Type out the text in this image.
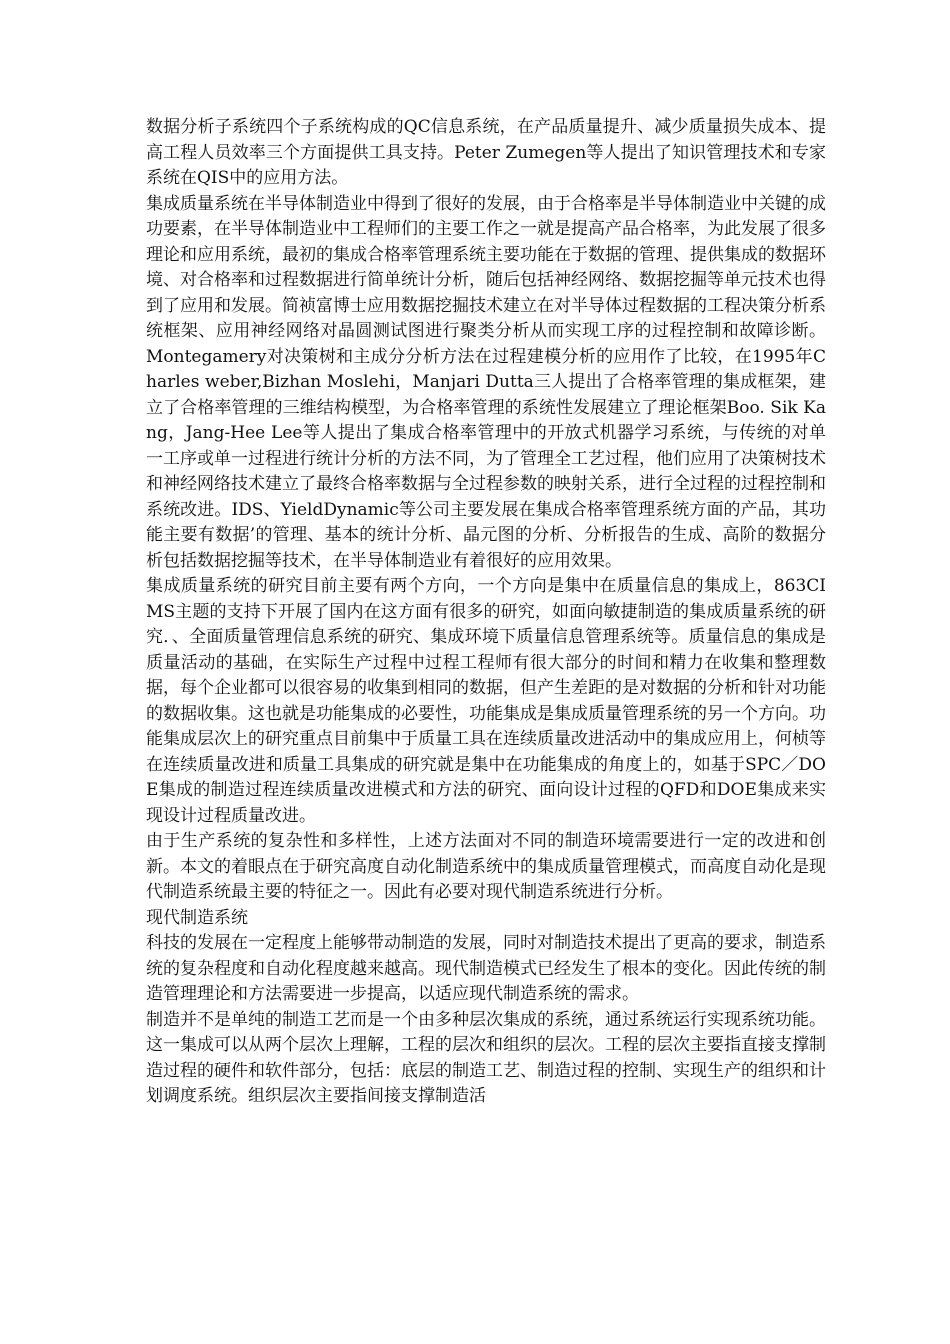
数据分析子系统四个子系统构成的QC信息系统，在产品质量提升、减少质量损失成本、提高工程人员效率三个方面提供工具支持。Peter Zumegen等人提出了知识管理技术和专家系统在QIS中的应用方法。

集成质量系统在半导体制造业中得到了很好的发展，由于合格率是半导体制造业中关键的成功要素，在半导体制造业中工程师们的主要工作之一就是提高产品合格率，为此发展了很多理论和应用系统，最初的集成合格率管理系统主要功能在于数据的管理、提供集成的数据环境、对合格率和过程数据进行简单统计分析，随后包括神经网络、数据挖掘等单元技术也得到了应用和发展。简祯富博士应用数据挖掘技术建立在对半导体过程数据的工程决策分析系统框架、应用神经网络对晶圆测试图进行聚类分析从而实现工序的过程控制和故障诊断。Montegamery对决策树和主成分分析方法在过程建模分析的应用作了比较，在1995年Charles weber,Bizhan Moslehi，Manjari Dutta三人提出了合格率管理的集成框架，建立了合格率管理的三维结构模型，为合格率管理的系统性发展建立了理论框架Boo. Sik Kang，Jang-Hee Lee等人提出了集成合格率管理中的开放式机器学习系统，与传统的对单一工序或单一过程进行统计分析的方法不同，为了管理全工艺过程，他们应用了决策树技术和神经网络技术建立了最终合格率数据与全过程参数的映射关系，进行全过程的过程控制和系统改进。IDS、YieldDynamic等公司主要发展在集成合格率管理系统方面的产品，其功能主要有数据’的管理、基本的统计分析、晶元图的分析、分析报告的生成、高阶的数据分析包括数据挖掘等技术，在半导体制造业有着很好的应用效果。

集成质量系统的研究目前主要有两个方向，一个方向是集中在质量信息的集成上，863CIMS主题的支持下开展了国内在这方面有很多的研究，如面向敏捷制造的集成质量系统的研究．、全面质量管理信息系统的研究、集成环境下质量信息管理系统等。质量信息的集成是质量活动的基础，在实际生产过程中过程工程师有很大部分的时间和精力在收集和整理数据，每个企业都可以很容易的收集到相同的数据，但产生差距的是对数据的分析和针对功能的数据收集。这也就是功能集成的必要性，功能集成是集成质量管理系统的另一个方向。功能集成层次上的研究重点目前集中于质量工具在连续质量改进活动中的集成应用上，何桢等在连续质量改进和质量工具集成的研究就是集中在功能集成的角度上的，如基于SPC／DOE集成的制造过程连续质量改进模式和方法的研究、面向设计过程的QFD和DOE集成来实现设计过程质量改进。

由于生产系统的复杂性和多样性，上述方法面对不同的制造环境需要进行一定的改进和创新。本文的着眼点在于研究高度自动化制造系统中的集成质量管理模式，而高度自动化是现代制造系统最主要的特征之一。因此有必要对现代制造系统进行分析。

现代制造系统

科技的发展在一定程度上能够带动制造的发展，同时对制造技术提出了更高的要求，制造系统的复杂程度和自动化程度越来越高。现代制造模式已经发生了根本的变化。因此传统的制造管理理论和方法需要进一步提高，以适应现代制造系统的需求。

制造并不是单纯的制造工艺而是一个由多种层次集成的系统，通过系统运行实现系统功能。这一集成可以从两个层次上理解，工程的层次和组织的层次。工程的层次主要指直接支撑制造过程的硬件和软件部分，包括：底层的制造工艺、制造过程的控制、实现生产的组织和计划调度系统。组织层次主要指间接支撑制造活
